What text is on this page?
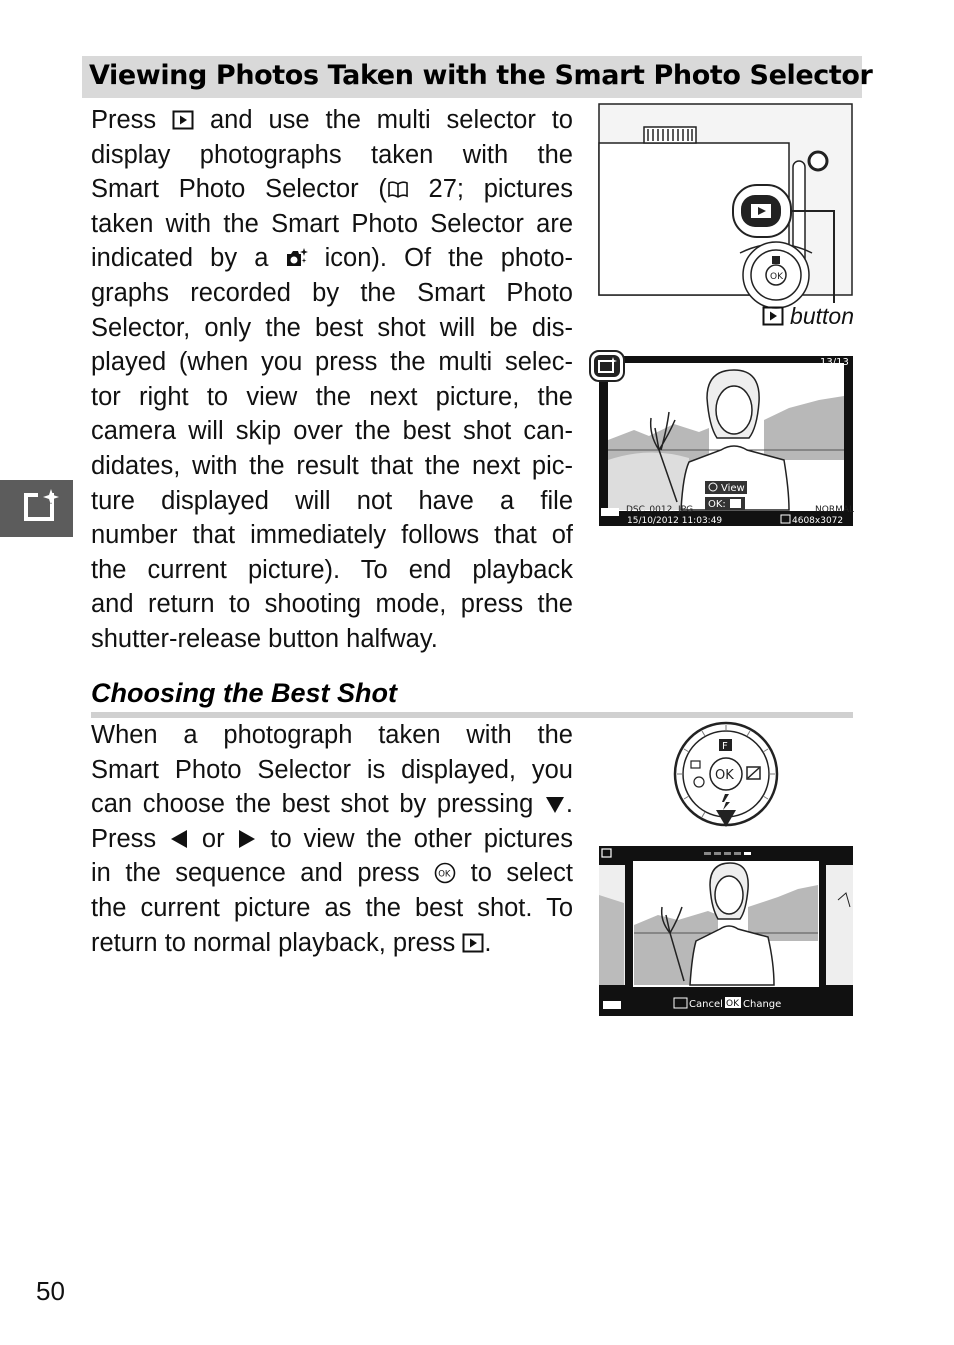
Viewing Photos Taken with the Smart Photo Selector

Press  and use the multi selector to
display photographs taken with the
Smart Photo Selector ( 27; pictures
taken with the Smart Photo Selector are
indicated by a  icon). Of the photo-
graphs recorded by the Smart Photo
Selector, only the best shot will be dis-
played (when you press the multi selec-
tor right to view the next picture, the
camera will skip over the best shot can-
didates, with the result that the next pic-
ture displayed will not have a file
number that immediately follows that of
the current picture). To end playback
and return to shooting mode, press the
shutter-release button halfway.

OK
button
13/13
View
OK:
DSC_0012. JPG
15/10/2012 11:03:49
NORMAL
4608x3072
Choosing the Best Shot

When a photograph taken with the
Smart Photo Selector is displayed, you
can choose the best shot by pressing .
Press  or  to view the other pictures
in the sequence and press OK to select
the current picture as the best shot. To
return to normal playback, press .

OK
F
Cancel OK Change

50
